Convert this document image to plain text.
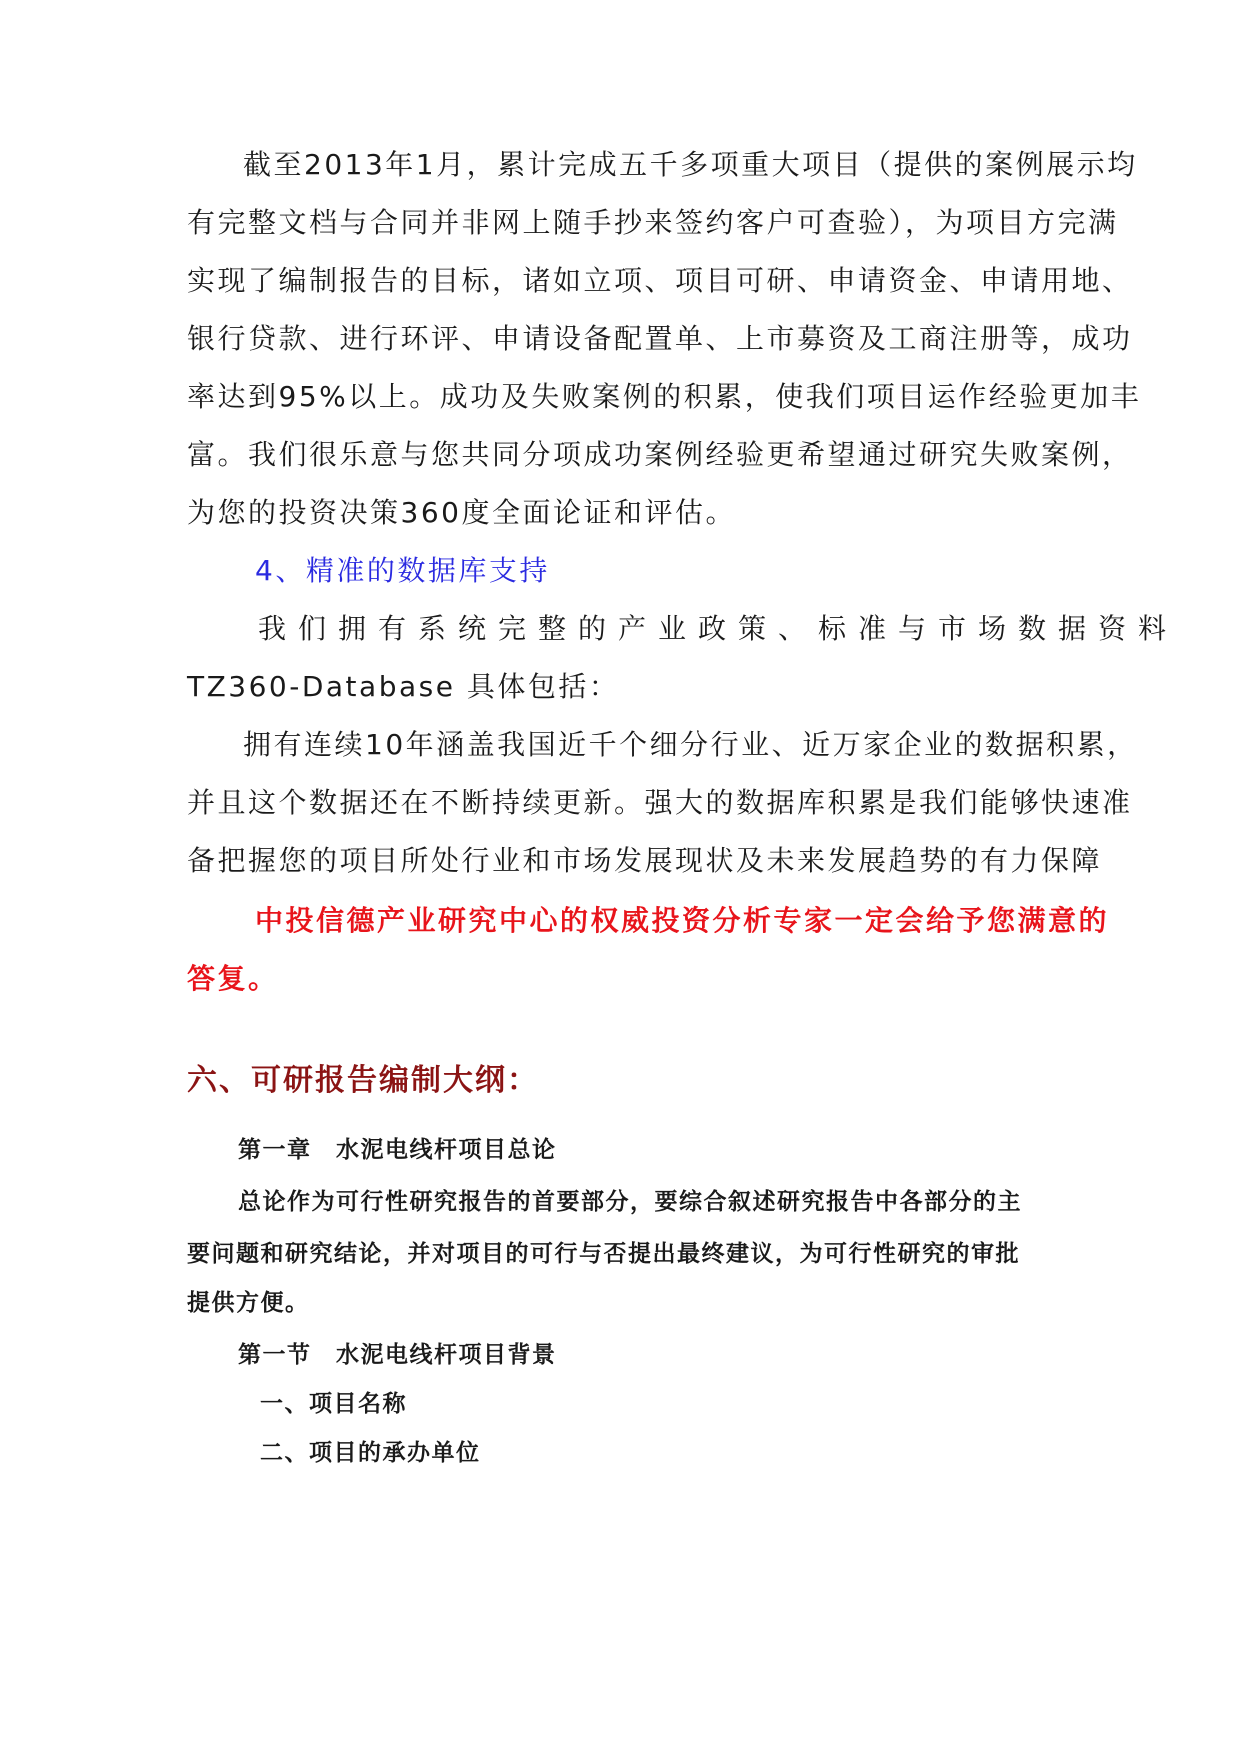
截至2013年1月，累计完成五千多项重大项目（提供的案例展示均
有完整文档与合同并非网上随手抄来签约客户可查验），为项目方完满
实现了编制报告的目标，诸如立项、项目可研、申请资金、申请用地、
银行贷款、进行环评、申请设备配置单、上市募资及工商注册等，成功
率达到95%以上。成功及失败案例的积累，使我们项目运作经验更加丰
富。我们很乐意与您共同分项成功案例经验更希望通过研究失败案例，
为您的投资决策360度全面论证和评估。
4、精准的数据库支持
我们拥有系统完整的产业政策、标准与市场数据资料
TZ360-Database 具体包括：
拥有连续10年涵盖我国近千个细分行业、近万家企业的数据积累，
并且这个数据还在不断持续更新。强大的数据库积累是我们能够快速准
备把握您的项目所处行业和市场发展现状及未来发展趋势的有力保障
中投信德产业研究中心的权威投资分析专家一定会给予您满意的
答复。
六、可研报告编制大纲：
第一章　水泥电线杆项目总论
总论作为可行性研究报告的首要部分，要综合叙述研究报告中各部分的主
要问题和研究结论，并对项目的可行与否提出最终建议，为可行性研究的审批
提供方便。
第一节　水泥电线杆项目背景
一、项目名称
二、项目的承办单位
